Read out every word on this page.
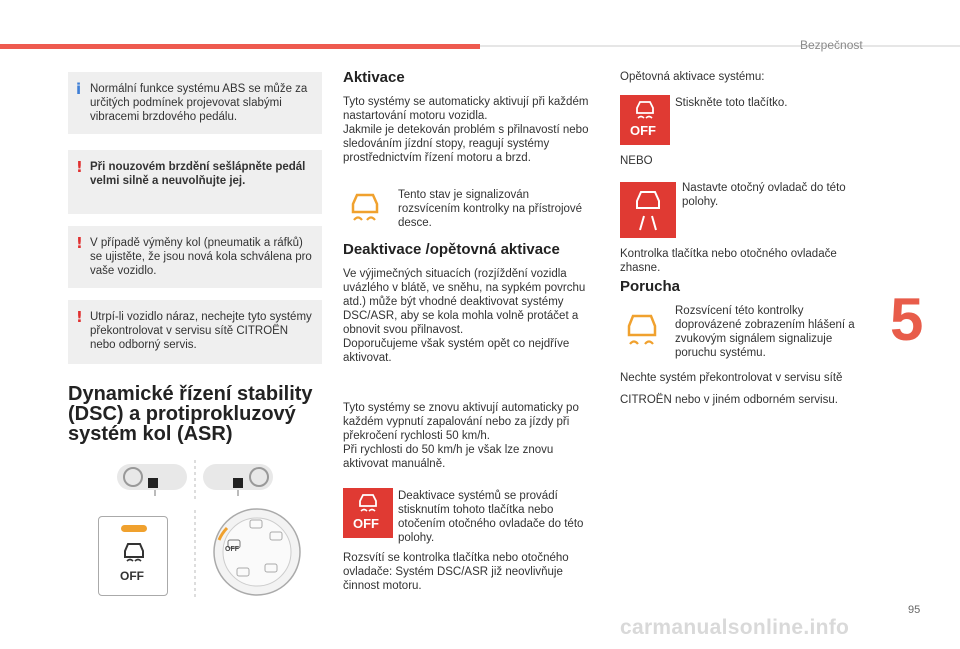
Bezpečnost
5
i Normální funkce systému ABS se může za určitých podmínek projevovat slabými vibracemi brzdového pedálu.
! Při nouzovém brzdění sešlápněte pedál velmi silně a neuvolňujte jej.
! V případě výměny kol (pneumatik a ráfků) se ujistěte, že jsou nová kola schválena pro vaše vozidlo.
! Utrpí-li vozidlo náraz, nechejte tyto systémy překontrolovat v servisu sítě CITROËN nebo odborný servis.
Dynamické řízení stability (DSC) a protiprokluzový systém kol (ASR)
OFF
OFF
Aktivace
Tyto systémy se automaticky aktivují při každém nastartování motoru vozidla.
Jakmile je detekován problém s přilnavostí nebo sledováním jízdní stopy, reagují systémy prostřednictvím řízení motoru a brzd.
Tento stav je signalizován rozsvícením kontrolky na přístrojové desce.
Deaktivace /opětovná aktivace
Ve výjimečných situacích (rozjíždění vozidla uvázlého v blátě, ve sněhu, na sypkém povrchu atd.) může být vhodné deaktivovat systémy DSC/ASR, aby se kola mohla volně protáčet a obnovit svou přilnavost.
Doporučujeme však systém opět co nejdříve aktivovat.
Tyto systémy se znovu aktivují automaticky po každém vypnutí zapalování nebo za jízdy při překročení rychlosti 50 km/h.
Při rychlosti do 50 km/h je však lze znovu aktivovat manuálně.
OFF
Deaktivace systémů se provádí stisknutím tohoto tlačítka nebo otočením otočného ovladače do této polohy.
Rozsvítí se kontrolka tlačítka nebo otočného ovladače: Systém DSC/ASR již neovlivňuje činnost motoru.
Opětovná aktivace systému:
OFF
Stiskněte toto tlačítko.
NEBO
Nastavte otočný ovladač do této polohy.
Kontrolka tlačítka nebo otočného ovladače zhasne.
Porucha
Rozsvícení této kontrolky doprovázené zobrazením hlášení a zvukovým signálem signalizuje poruchu systému.
Nechte systém překontrolovat v servisu sítě
CITROËN nebo v jiném odborném servisu.
95
carmanualsonline.info
